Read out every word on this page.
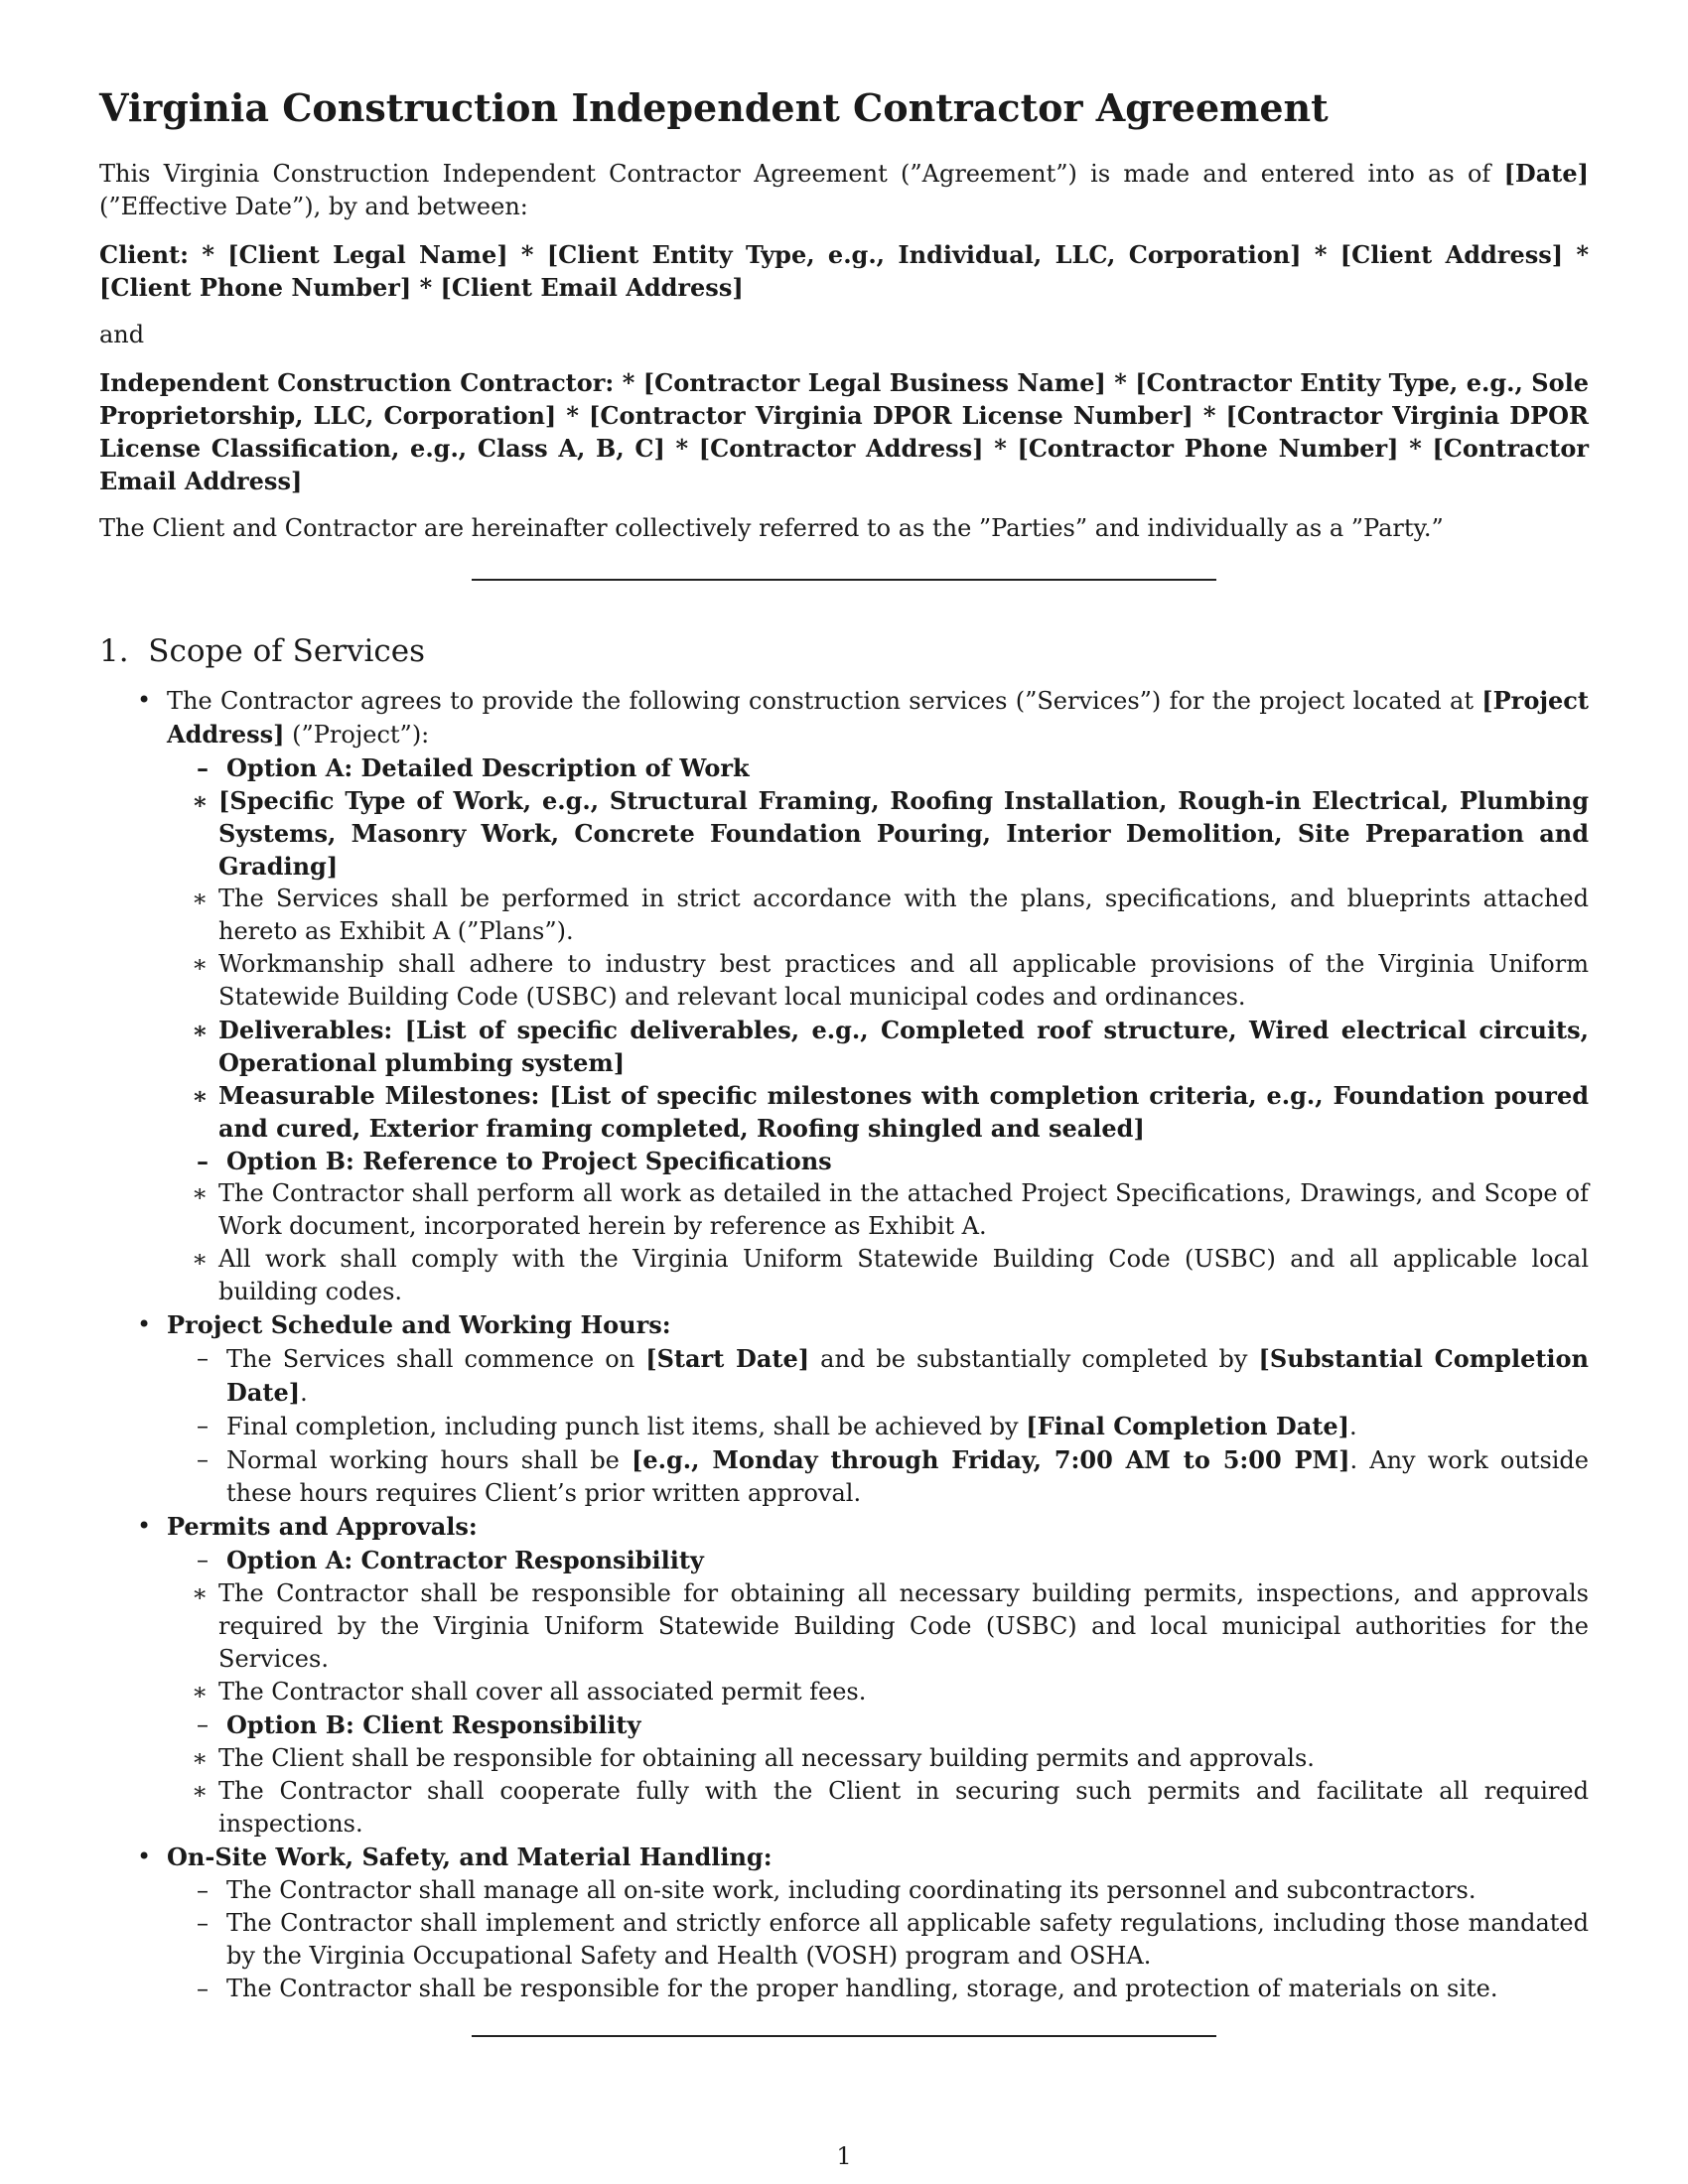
Virginia Construction Independent Contractor Agreement

This Virginia Construction Independent Contractor Agreement (”Agreement”) is made and entered into as of [Date] (”Effective Date”), by and between:

Client: * [Client Legal Name] * [Client Entity Type, e.g., Individual, LLC, Corporation] * [Client Address] * [Client Phone Number] * [Client Email Address]

and

Independent Construction Contractor: * [Contractor Legal Business Name] * [Contractor Entity Type, e.g., Sole Proprietorship, LLC, Corporation] * [Contractor Virginia DPOR License Number] * [Contractor Virginia DPOR License Classification, e.g., Class A, B, C] * [Contractor Address] * [Contractor Phone Number] * [Contractor Email Address]

The Client and Contractor are hereinafter collectively referred to as the ”Parties” and individually as a ”Party.”

1.  Scope of Services
• The Contractor agrees to provide the following construction services (”Services”) for the project located at [Project Address] (”Project”):
– Option A: Detailed Description of Work
∗ [Specific Type of Work, e.g., Structural Framing, Roofing Installation, Rough-in Electrical, Plumbing Systems, Masonry Work, Concrete Foundation Pouring, Interior Demolition, Site Preparation and Grading]
∗ The Services shall be performed in strict accordance with the plans, specifications, and blueprints attached hereto as Exhibit A (”Plans”).
∗ Workmanship shall adhere to industry best practices and all applicable provisions of the Virginia Uniform Statewide Building Code (USBC) and relevant local municipal codes and ordinances.
∗ Deliverables: [List of specific deliverables, e.g., Completed roof structure, Wired electrical circuits, Operational plumbing system]
∗ Measurable Milestones: [List of specific milestones with completion criteria, e.g., Foundation poured and cured, Exterior framing completed, Roofing shingled and sealed]
– Option B: Reference to Project Specifications
∗ The Contractor shall perform all work as detailed in the attached Project Specifications, Drawings, and Scope of Work document, incorporated herein by reference as Exhibit A.
∗ All work shall comply with the Virginia Uniform Statewide Building Code (USBC) and all applicable local building codes.
• Project Schedule and Working Hours:
– The Services shall commence on [Start Date] and be substantially completed by [Substantial Completion Date].
– Final completion, including punch list items, shall be achieved by [Final Completion Date].
– Normal working hours shall be [e.g., Monday through Friday, 7:00 AM to 5:00 PM]. Any work outside these hours requires Client’s prior written approval.
• Permits and Approvals:
– Option A: Contractor Responsibility
∗ The Contractor shall be responsible for obtaining all necessary building permits, inspections, and approvals required by the Virginia Uniform Statewide Building Code (USBC) and local municipal authorities for the Services.
∗ The Contractor shall cover all associated permit fees.
– Option B: Client Responsibility
∗ The Client shall be responsible for obtaining all necessary building permits and approvals.
∗ The Contractor shall cooperate fully with the Client in securing such permits and facilitate all required inspections.
• On-Site Work, Safety, and Material Handling:
– The Contractor shall manage all on-site work, including coordinating its personnel and subcontractors.
– The Contractor shall implement and strictly enforce all applicable safety regulations, including those mandated by the Virginia Occupational Safety and Health (VOSH) program and OSHA.
– The Contractor shall be responsible for the proper handling, storage, and protection of materials on site.
1
